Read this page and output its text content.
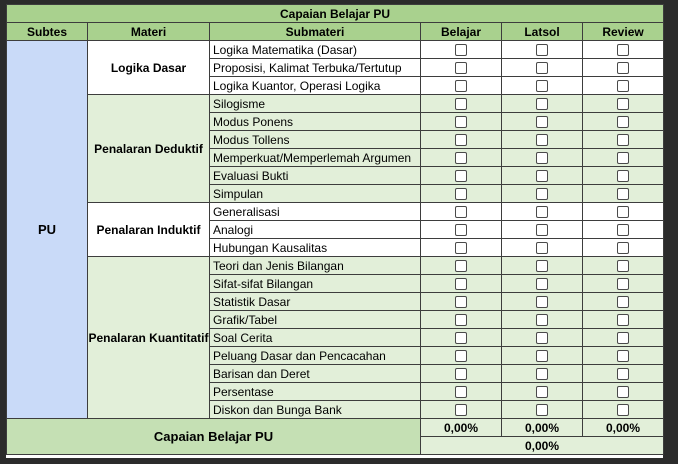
Capaian Belajar PU					
Subtes	Materi	Submateri	Belajar	Latsol	Review
PU	Logika Dasar	Logika Matematika (Dasar)			
		Proposisi, Kalimat Terbuka/Tertutup			
		Logika Kuantor, Operasi Logika			
	Penalaran Deduktif	Silogisme			
		Modus Ponens			
		Modus Tollens			
		Memperkuat/Memperlemah Argumen			
		Evaluasi Bukti			
		Simpulan			
	Penalaran Induktif	Generalisasi			
		Analogi			
		Hubungan Kausalitas			
	Penalaran Kuantitatif	Teori dan Jenis Bilangan			
		Sifat-sifat Bilangan			
		Statistik Dasar			
		Grafik/Tabel			
		Soal Cerita			
		Peluang Dasar dan Pencacahan			
		Barisan dan Deret			
		Persentase			
		Diskon dan Bunga Bank			
Capaian Belajar PU			0,00%	0,00%	0,00%
			0,00%		
